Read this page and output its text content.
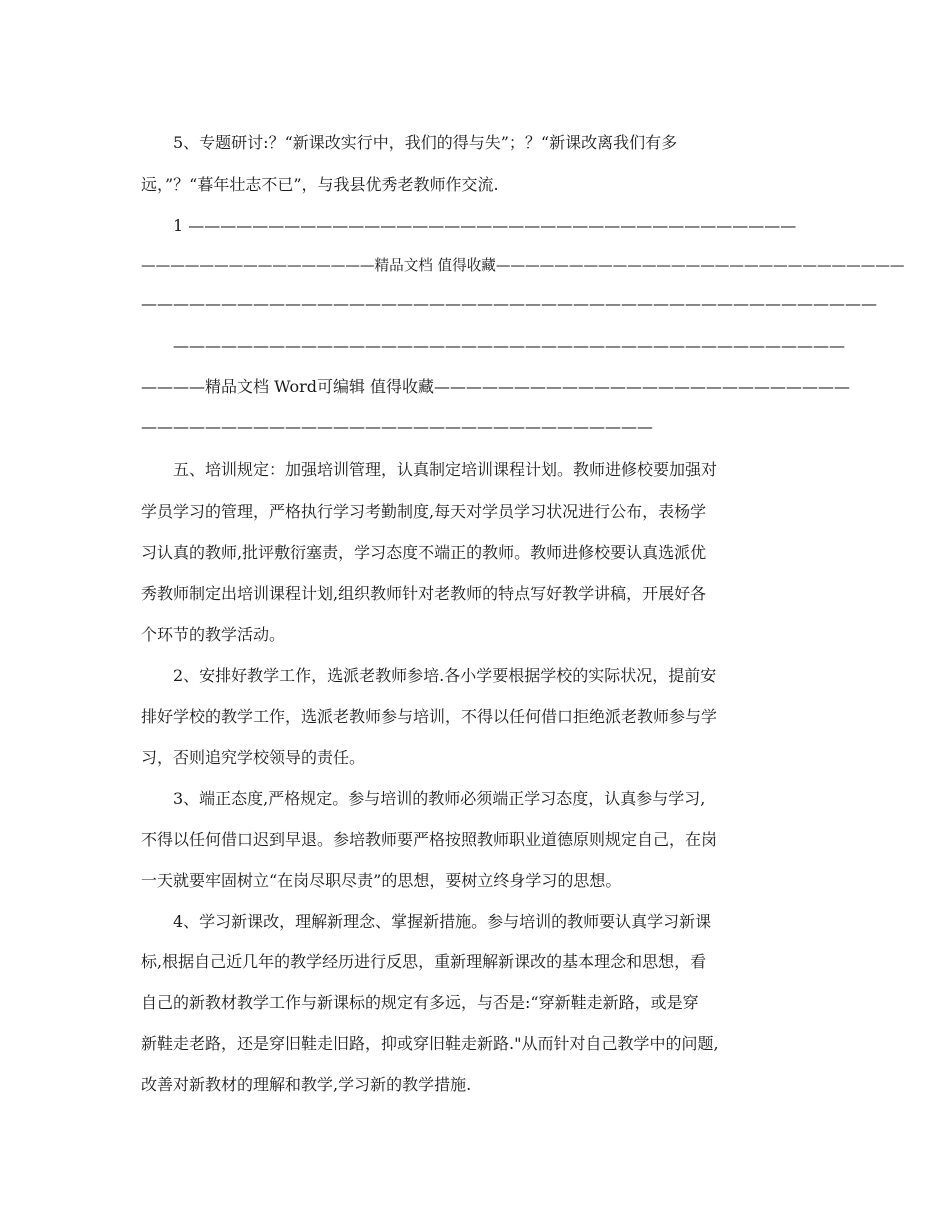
5、专题研讨:？“新课改实行中，我们的得与失”；？“新课改离我们有多
远，”？“暮年壮志不已”，与我县优秀老教师作交流.
1 ——————————————————————————————————————
————————————————精品文档 值得收藏————————————————————————————
——————————————————————————————————————————————
——————————————————————————————————————————
————精品文档 Word可编辑 值得收藏——————————————————————————
————————————————————————————————
五、培训规定：加强培训管理，认真制定培训课程计划。教师进修校要加强对
学员学习的管理，严格执行学习考勤制度,每天对学员学习状况进行公布，表杨学
习认真的教师,批评敷衍塞责，学习态度不端正的教师。教师进修校要认真选派优
秀教师制定出培训课程计划,组织教师针对老教师的特点写好教学讲稿，开展好各
个环节的教学活动。
2、安排好教学工作，选派老教师参培.各小学要根据学校的实际状况，提前安
排好学校的教学工作，选派老教师参与培训，不得以任何借口拒绝派老教师参与学
习，否则追究学校领导的责任。
3、端正态度,严格规定。参与培训的教师必须端正学习态度，认真参与学习,
不得以任何借口迟到早退。参培教师要严格按照教师职业道德原则规定自己，在岗
一天就要牢固树立“在岗尽职尽责”的思想，要树立终身学习的思想。
4、学习新课改，理解新理念、掌握新措施。参与培训的教师要认真学习新课
标,根据自己近几年的教学经历进行反思，重新理解新课改的基本理念和思想，看
自己的新教材教学工作与新课标的规定有多远，与否是:“穿新鞋走新路，或是穿
新鞋走老路，还是穿旧鞋走旧路，抑或穿旧鞋走新路."从而针对自己教学中的问题,
改善对新教材的理解和教学,学习新的教学措施.
